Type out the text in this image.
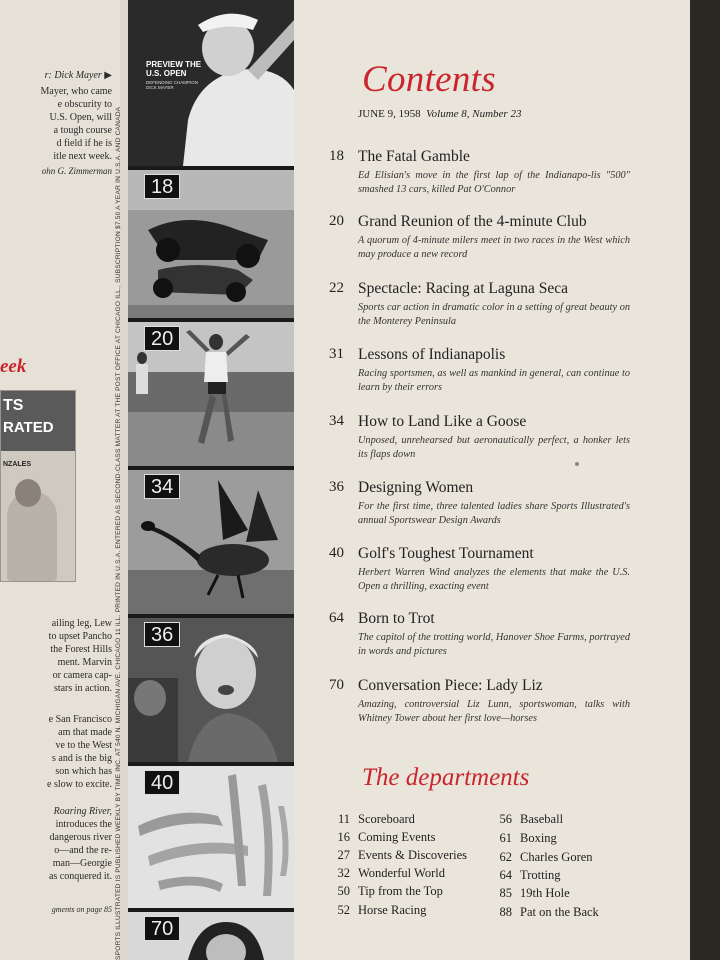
r: Dick Mayer ▶
Mayer, who came
e obscurity to
U.S. Open, will
a tough course
d field if he is
itle next week.
ohn G. Zimmerman
eek
TS
RATED
NZALES
ailing leg, Lew
to upset Pancho
the Forest Hills
ment. Marvin
or camera cap-
stars in action.
e San Francisco
am that made
ve to the West
s and is the big
son which has
e slow to excite.
Roaring River,
introduces the
dangerous river
o—and the re-
man—Georgie
as conquered it.
gments on page 85 SPORTS ILLUSTRATED IS PUBLISHED WEEKLY BY TIME INC. AT 540 N. MICHIGAN AVE. CHICAGO 11 ILL. PRINTED IN U.S.A. ENTERED AS SECOND-CLASS MATTER AT THE POST OFFICE AT CHICAGO ILL., SUBSCRIPTION $7.50 A YEAR IN U.S.A. AND CANADA
PREVIEW THE U.S. OPEN
DEFENDING CHAMPION DICK MAYER
18
20
34
36
40
70
Contents
JUNE 9, 1958 Volume 8, Number 23
18 The Fatal Gamble
Ed Elisian's move in the first lap of the Indianapo-lis "500" smashed 13 cars, killed Pat O'Connor
20 Grand Reunion of the 4-minute Club
A quorum of 4-minute milers meet in two races in the West which may produce a new record
22 Spectacle: Racing at Laguna Seca
Sports car action in dramatic color in a setting of great beauty on the Monterey Peninsula
31 Lessons of Indianapolis
Racing sportsmen, as well as mankind in general, can continue to learn by their errors
34 How to Land Like a Goose
Unposed, unrehearsed but aeronautically perfect, a honker lets its flaps down
36 Designing Women
For the first time, three talented ladies share Sports Illustrated's annual Sportswear Design Awards
40 Golf's Toughest Tournament
Herbert Warren Wind analyzes the elements that make the U.S. Open a thrilling, exacting event
64 Born to Trot
The capitol of the trotting world, Hanover Shoe Farms, portrayed in words and pictures
70 Conversation Piece: Lady Liz
Amazing, controversial Liz Lunn, sportswoman, talks with Whitney Tower about her first love—horses
The departments
11 Scoreboard
16 Coming Events
27 Events & Discoveries
32 Wonderful World
50 Tip from the Top
52 Horse Racing
56 Baseball
61 Boxing
62 Charles Goren
64 Trotting
85 19th Hole
88 Pat on the Back
